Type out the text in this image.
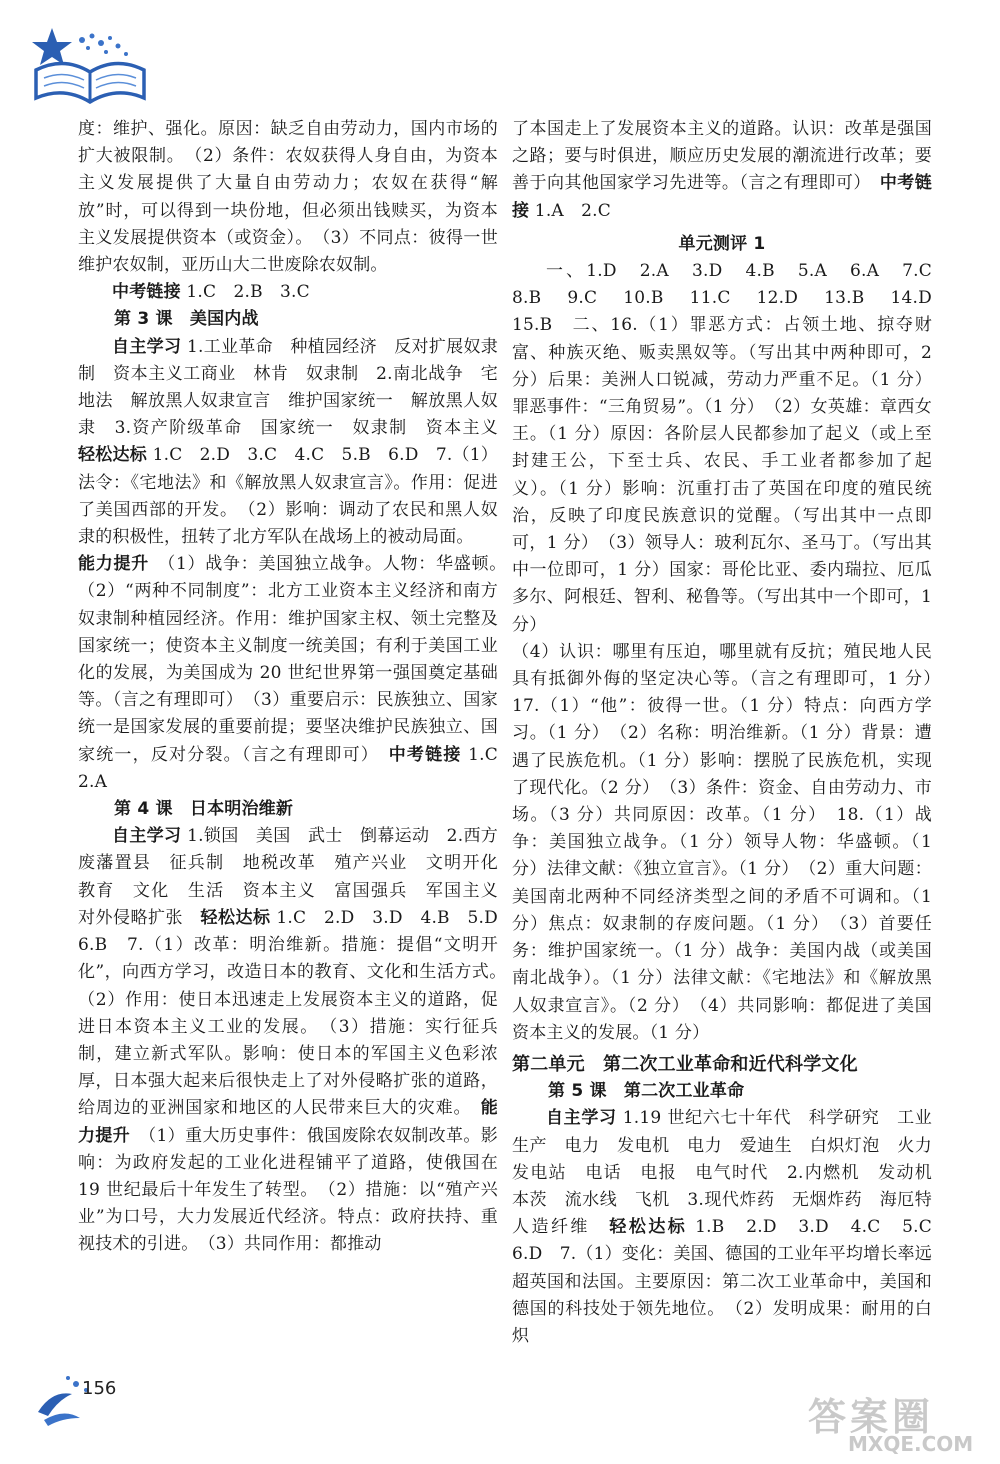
度：维护、强化。原因：缺乏自由劳动力，国内市场的扩大被限制。　（2）条件：农奴获得人身自由，为资本主义发展提供了大量自由劳动力；农奴在获得“解放”时，可以得到一块份地，但必须出钱赎买，为资本主义发展提供资本（或资金）。　（3）不同点：彼得一世维护农奴制，亚历山大二世废除农奴制。

中考链接 1.C　2.B　3.C

第 3 课　美国内战

自主学习 1.工业革命　种植园经济　反对扩展奴隶制　资本主义工商业　林肯　奴隶制　2.南北战争　宅地法　解放黑人奴隶宣言　维护国家统一　解放黑人奴隶　3.资产阶级革命　国家统一　奴隶制　资本主义　轻松达标 1.C　2.D　3.C　4.C　5.B　6.D　7.（1）法令：《宅地法》和《解放黑人奴隶宣言》。作用：促进了美国西部的开发。　（2）影响：调动了农民和黑人奴隶的积极性，扭转了北方军队在战场上的被动局面。

能力提升　（1）战争：美国独立战争。人物：华盛顿。　（2）“两种不同制度”：北方工业资本主义经济和南方奴隶制种植园经济。作用：维护国家主权、领土完整及国家统一；使资本主义制度一统美国；有利于美国工业化的发展，为美国成为 20 世纪世界第一强国奠定基础等。（言之有理即可）　（3）重要启示：民族独立、国家统一是国家发展的重要前提；要坚决维护民族独立、国家统一，反对分裂。（言之有理即可）　中考链接 1.C　2.A

第 4 课　日本明治维新

自主学习 1.锁国　美国　武士　倒幕运动　2.西方　废藩置县　征兵制　地税改革　殖产兴业　文明开化　教育　文化　生活　资本主义　富国强兵　军国主义　对外侵略扩张　轻松达标 1.C　2.D　3.D　4.B　5.D　6.B　7.（1）改革：明治维新。措施：提倡“文明开化”，向西方学习，改造日本的教育、文化和生活方式。　（2）作用：使日本迅速走上发展资本主义的道路，促进日本资本主义工业的发展。　（3）措施：实行征兵制，建立新式军队。影响：使日本的军国主义色彩浓厚，日本强大起来后很快走上了对外侵略扩张的道路，给周边的亚洲国家和地区的人民带来巨大的灾难。　能力提升　（1）重大历史事件：俄国废除农奴制改革。影响：为政府发起的工业化进程铺平了道路，使俄国在 19 世纪最后十年发生了转型。　（2）措施：以“殖产兴业”为口号，大力发展近代经济。特点：政府扶持、重视技术的引进。　（3）共同作用：都推动

了本国走上了发展资本主义的道路。认识：改革是强国之路；要与时俱进，顺应历史发展的潮流进行改革；要善于向其他国家学习先进等。（言之有理即可）　中考链接 1.A　2.C

单元测评 1

一、1.D　2.A　3.D　4.B　5.A　6.A　7.C　8.B　9.C　10.B　11.C　12.D　13.B　14.D　15.B　二、16.（1）罪恶方式：占领土地、掠夺财富、种族灭绝、贩卖黑奴等。（写出其中两种即可，2 分）后果：美洲人口锐减，劳动力严重不足。（1 分）罪恶事件：“三角贸易”。（1 分）　（2）女英雄：章西女王。（1 分）原因：各阶层人民都参加了起义（或上至封建王公，下至士兵、农民、手工业者都参加了起义）。（1 分）影响：沉重打击了英国在印度的殖民统治，反映了印度民族意识的觉醒。（写出其中一点即可，1 分）　（3）领导人：玻利瓦尔、圣马丁。（写出其中一位即可，1 分）国家：哥伦比亚、委内瑞拉、厄瓜多尔、阿根廷、智利、秘鲁等。（写出其中一个即可，1 分）

（4）认识：哪里有压迫，哪里就有反抗；殖民地人民具有抵御外侮的坚定决心等。（言之有理即可，1 分）　17.（1）“他”：彼得一世。（1 分）特点：向西方学习。（1 分）　（2）名称：明治维新。（1 分）背景：遭遇了民族危机。（1 分）影响：摆脱了民族危机，实现了现代化。（2 分）　（3）条件：资金、自由劳动力、市场。（3 分）共同原因：改革。（1 分）　18.（1）战争：美国独立战争。（1 分）领导人物：华盛顿。（1 分）法律文献：《独立宣言》。（1 分）　（2）重大问题：美国南北两种不同经济类型之间的矛盾不可调和。（1 分）焦点：奴隶制的存废问题。（1 分）　（3）首要任务：维护国家统一。（1 分）战争：美国内战（或美国南北战争）。（1 分）法律文献：《宅地法》和《解放黑人奴隶宣言》。（2 分）　（4）共同影响：都促进了美国资本主义的发展。（1 分）

第二单元　第二次工业革命和近代科学文化

第 5 课　第二次工业革命

自主学习 1.19 世纪六七十年代　科学研究　工业生产　电力　发电机　电力　爱迪生　白炽灯泡　火力发电站　电话　电报　电气时代　2.内燃机　发动机　本茨　流水线　飞机　3.现代炸药　无烟炸药　海厄特　人造纤维　轻松达标 1.B　2.D　3.D　4.C　5.C　6.D　7.（1）变化：美国、德国的工业年平均增长率远超英国和法国。主要原因：第二次工业革命中，美国和德国的科技处于领先地位。　（2）发明成果：耐用的白炽

156
答案圈
MXQE.COM
